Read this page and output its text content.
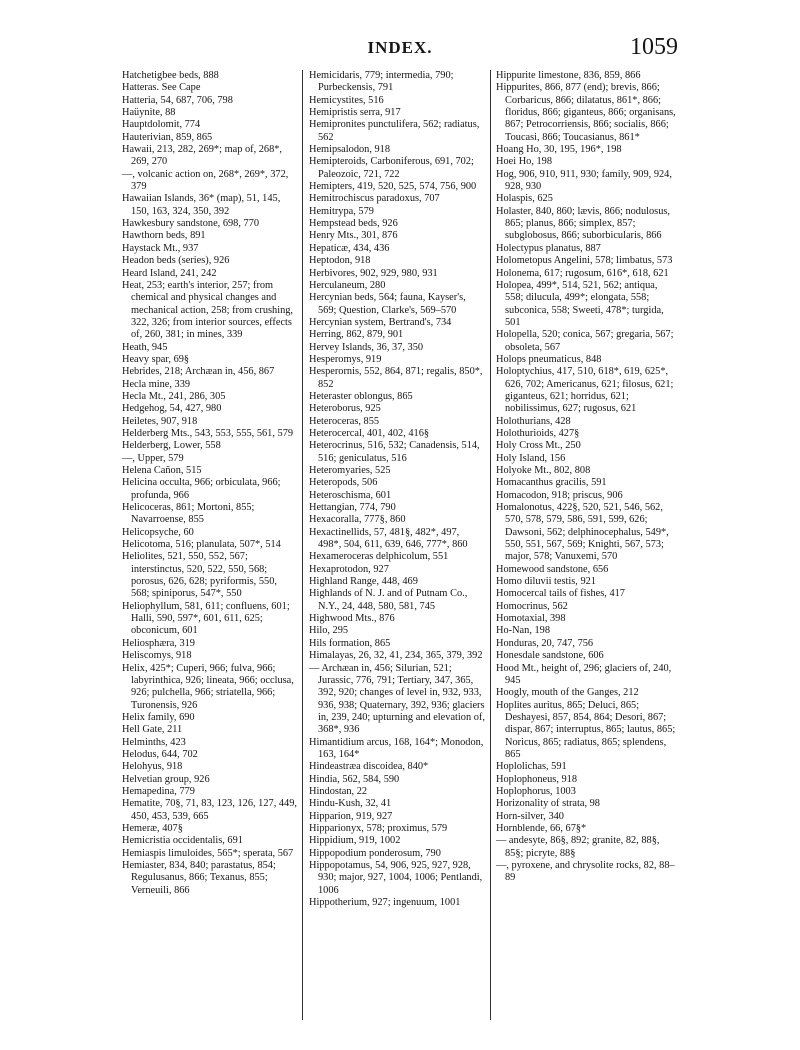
INDEX.	1059
Hatchetigbee beds, 888
Hatteras. See Cape
Hatteria, 54, 687, 706, 798
Haüynite, 88
Hauptdolomit, 774
Hauterivian, 859, 865
Hawaii, 213, 282, 269*; map of, 268*, 269, 270
—, volcanic action on, 268*, 269*, 372, 379
Hawaiian Islands, 36* (map), 51, 145, 150, 163, 324, 350, 392
Hawkesbury sandstone, 698, 770
Hawthorn beds, 891
Haystack Mt., 937
Headon beds (series), 926
Heard Island, 241, 242
Heat, 253; earth's interior, 257; from chemical and physical changes and mechanical action, 258; from crushing, 322, 326; from interior sources, effects of, 260, 381; in mines, 339
Heath, 945
Heavy spar, 69§
Hebrides, 218; Archæan in, 456, 867
Hecla mine, 339
Hecla Mt., 241, 286, 305
Hedgehog, 54, 427, 980
Heiletes, 907, 918
Helderberg Mts., 543, 553, 555, 561, 579
Helderberg, Lower, 558
—, Upper, 579
Helena Cañon, 515
Helicina occulta, 966; orbiculata, 966; profunda, 966
Helicoceras, 861; Mortoni, 855; Navarroense, 855
Helicopsyche, 60
Helicotoma, 516; planulata, 507*, 514
Heliolites, 521, 550, 552, 567; interstinctus, 520, 522, 550, 568; porosus, 626, 628; pyriformis, 550, 568; spiniporus, 547*, 550
Heliophyllum, 581, 611; confluens, 601; Halli, 590, 597*, 601, 611, 625; obconicum, 601
Heliosphæra, 319
Heliscomys, 918
Helix, 425*; Cuperi, 966; fulva, 966; labyrinthica, 926; lineata, 966; occlusa, 926; pulchella, 966; striatella, 966; Turonensis, 926
Helix family, 690
Hell Gate, 211
Helminths, 423
Helodus, 644, 702
Helohyus, 918
Helvetian group, 926
Hemapedina, 779
Hematite, 70§, 71, 83, 123, 126, 127, 449, 450, 453, 539, 665
Hemeræ, 407§
Hemicristia occidentalis, 691
Hemiaspis limuloides, 565*; speratа, 567
Hemiaster, 834, 840; parastatus, 854; Regulusanus, 866; Texanus, 855; Verneuili, 866
Hemicidaris, 779; intermedia, 790; Purbeckensis, 791
Hemicystites, 516
Hemipristis serra, 917
Hemipronites punctulifera, 562; radiatus, 562
Hemipsalodon, 918
Hemipteroids, Carboniferous, 691, 702; Paleozoic, 721, 722
Hemipters, 419, 520, 525, 574, 756, 900
Hemitrochiscus paradoxus, 707
Hemitrypa, 579
Hempstead beds, 926
Henry Mts., 301, 876
Hepaticæ, 434, 436
Heptodon, 918
Herbivores, 902, 929, 980, 931
Herculaneum, 280
Hercynian beds, 564; fauna, Kayser's, 569; Question, Clarke's, 569–570
Hercynian system, Bertrand's, 734
Herring, 862, 879, 901
Hervey Islands, 36, 37, 350
Hesperomys, 919
Hesperornis, 552, 864, 871; regalis, 850*, 852
Heteraster oblongus, 865
Heteroborus, 925
Heteroceras, 855
Heterocercal, 401, 402, 416§
Heterocrinus, 516, 532; Canadensis, 514, 516; geniculatus, 516
Heteromyaries, 525
Heteropods, 506
Heteroschisma, 601
Hettangian, 774, 790
Hexacoralla, 777§, 860
Hexactinellids, 57, 481§, 482*, 497, 498*, 504, 611, 639, 646, 777*, 860
Hexameroceras delphicolum, 551
Hexaprotodon, 927
Highland Range, 448, 469
Highlands of N. J. and of Putnam Co., N.Y., 24, 448, 580, 581, 745
Highwood Mts., 876
Hilo, 295
Hils formation, 865
Himalayas, 26, 32, 41, 234, 365, 379, 392
— Archæan in, 456; Silurian, 521; Jurassic, 776, 791; Tertiary, 347, 365, 392, 920; changes of level in, 932, 933, 936, 938; Quaternary, 392, 936; glaciers in, 239, 240; upturning and elevation of, 368*, 936
Himantidium arcus, 168, 164*; Monodon, 163, 164*
Hindeastræa discoidea, 840*
Hindia, 562, 584, 590
Hindostan, 22
Hindu-Kush, 32, 41
Hipparion, 919, 927
Hipparionyx, 578; proximus, 579
Hippidium, 919, 1002
Hippopodium ponderosum, 790
Hippopotamus, 54, 906, 925, 927, 928, 930; major, 927, 1004, 1006; Pentlandi, 1006
Hippotherium, 927; ingenuum, 1001
Hippurite limestone, 836, 859, 866
Hippurites, 866, 877 (end); brevis, 866; Corbaricus, 866; dilatatus, 861*, 866; floridus, 866; giganteus, 866; organisans, 867; Petrocorriensis, 866; socialis, 866; Toucasi, 866; Toucasianus, 861*
Hoang Ho, 30, 195, 196*, 198
Hoei Ho, 198
Hog, 906, 910, 911, 930; family, 909, 924, 928, 930
Holaspis, 625
Holaster, 840, 860; lævis, 866; nodulosus, 865; planus, 866; simplex, 857; subglobosus, 866; suborbicularis, 866
Holectypus planatus, 887
Holometopus Angelini, 578; limbatus, 573
Holonema, 617; rugosum, 616*, 618, 621
Holopea, 499*, 514, 521, 562; antiqua, 558; dilucula, 499*; elongata, 558; subconica, 558; Sweeti, 478*; turgida, 501
Holopella, 520; conica, 567; gregaria, 567; obsoleta, 567
Holops pneumaticus, 848
Holoptychius, 417, 510, 618*, 619, 625*, 626, 702; Americanus, 621; filosus, 621; giganteus, 621; horridus, 621; nobilissimus, 627; rugosus, 621
Holothurians, 428
Holothurioids, 427§
Holy Cross Mt., 250
Holy Island, 156
Holyoke Mt., 802, 808
Homacanthus gracilis, 591
Homacodon, 918; priscus, 906
Homalonotus, 422§, 520, 521, 546, 562, 570, 578, 579, 586, 591, 599, 626; Dawsoni, 562; delphinocephalus, 549*, 550, 551, 567, 569; Knighti, 567, 573; major, 578; Vanuxemi, 570
Homewood sandstone, 656
Homo diluvii testis, 921
Homocercal tails of fishes, 417
Homocrinus, 562
Homotaxial, 398
Ho-Nan, 198
Honduras, 20, 747, 756
Honesdale sandstone, 606
Hood Mt., height of, 296; glaciers of, 240, 945
Hoogly, mouth of the Ganges, 212
Hoplites auritus, 865; Deluci, 865; Deshayesi, 857, 854, 864; Desori, 867; dispar, 867; interruptus, 865; lautus, 865; Noricus, 865; radiatus, 865; splendens, 865
Hoplolichas, 591
Hoplophoneus, 918
Hoplophorus, 1003
Horizonality of strata, 98
Horn-silver, 340
Hornblende, 66, 67§*
— andesyte, 86§, 892; granite, 82, 88§, 85§; picryte, 88§
—, pyroxene, and chrysolite rocks, 82, 88–89
